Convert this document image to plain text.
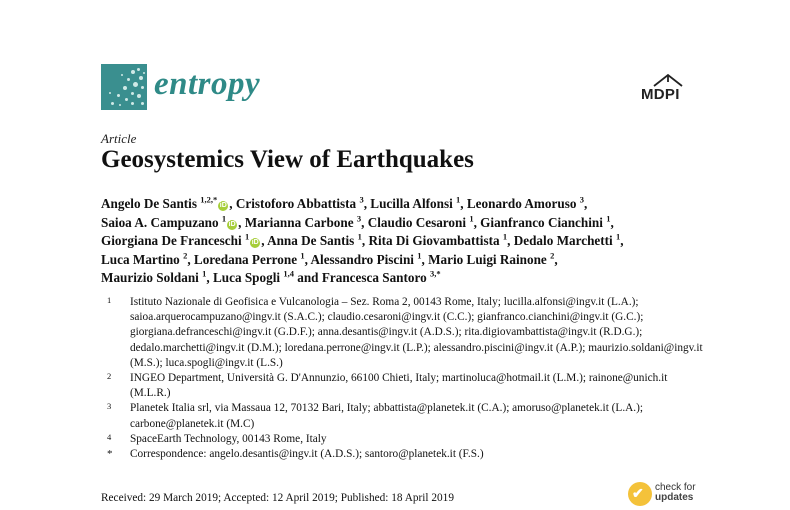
entropy	MDPI
Article
Geosystemics View of Earthquakes
Angelo De Santis $^{1,2,*}$iD , Cristoforo Abbattista $^3$, Lucilla Alfonsi $^1$, Leonardo Amoruso $^3$,
Saioa A. Campuzano $^1$iD , Marianna Carbone $^3$, Claudio Cesaroni $^1$, Gianfranco Cianchini $^1$,
Giorgiana De Franceschi $^1$iD , Anna De Santis $^1$, Rita Di Giovambattista $^1$, Dedalo Marchetti $^1$,
Luca Martino $^2$, Loredana Perrone $^1$, Alessandro Piscini $^1$, Mario Luigi Rainone $^2$,
Maurizio Soldani $^1$, Luca Spogli $^{1,4}$ and Francesca Santoro $^{3,*}$
1 Istituto Nazionale di Geofisica e Vulcanologia – Sez. Roma 2, 00143 Rome, Italy; lucilla.alfonsi@ingv.it (L.A.); saioa.arquerocampuzano@ingv.it (S.A.C.); claudio.cesaroni@ingv.it (C.C.); gianfranco.cianchini@ingv.it (G.C.); giorgiana.defranceschi@ingv.it (G.D.F.); anna.desantis@ingv.it (A.D.S.); rita.digiovambattista@ingv.it (R.D.G.); dedalo.marchetti@ingv.it (D.M.); loredana.perrone@ingv.it (L.P.); alessandro.piscini@ingv.it (A.P.); maurizio.soldani@ingv.it (M.S.); luca.spogli@ingv.it (L.S.)
2 INGEO Department, Università G. D'Annunzio, 66100 Chieti, Italy; martinoluca@hotmail.it (L.M.); rainone@unich.it (M.L.R.)
3 Planetek Italia srl, via Massaua 12, 70132 Bari, Italy; abbattista@planetek.it (C.A.); amoruso@planetek.it (L.A.); carbone@planetek.it (M.C)
4 SpaceEarth Technology, 00143 Rome, Italy
* Correspondence: angelo.desantis@ingv.it (A.D.S.); santoro@planetek.it (F.S.)
Received: 29 March 2019; Accepted: 12 April 2019; Published: 18 April 2019	✔ check for
updates
